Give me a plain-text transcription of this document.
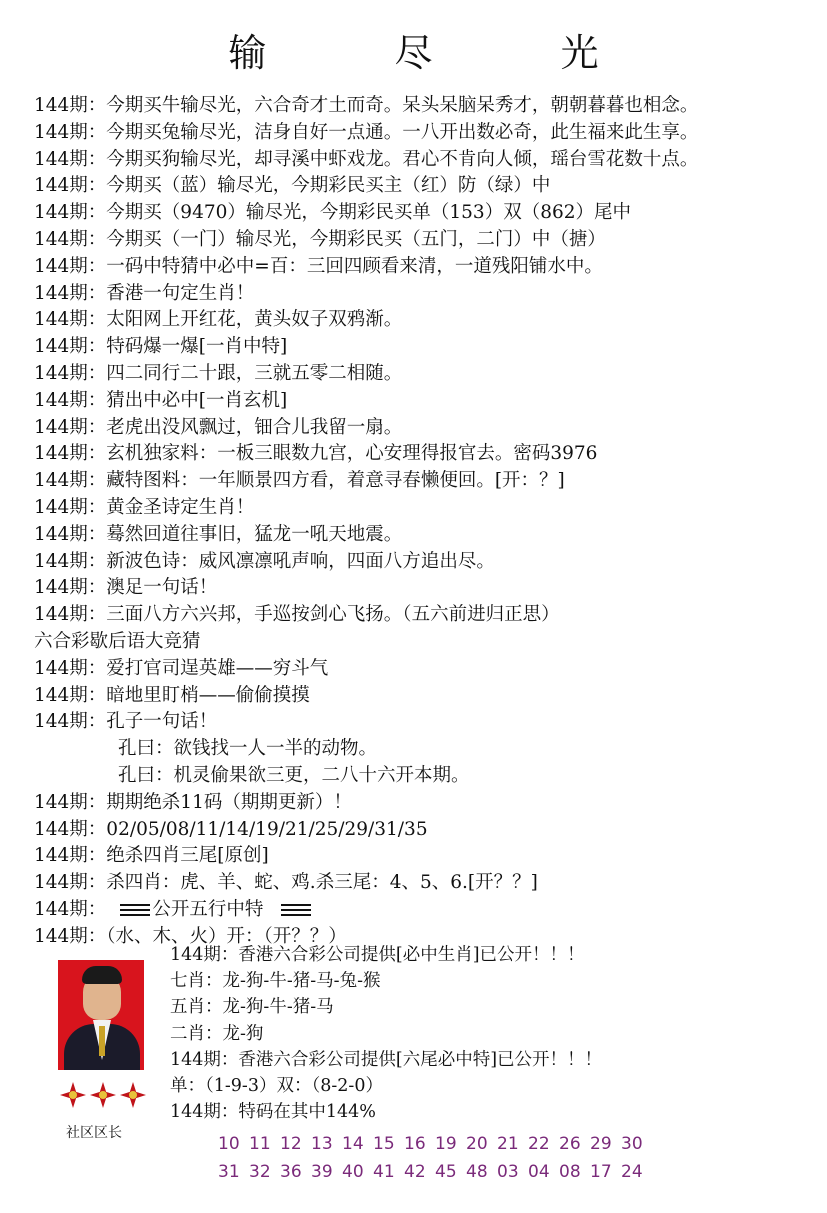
输 尽 光
144期：今期买牛输尽光，六合奇才土而奇。呆头呆脑呆秀才，朝朝暮暮也相念。
144期：今期买兔输尽光，洁身自好一点通。一八开出数必奇，此生福来此生享。
144期：今期买狗输尽光，却寻溪中虾戏龙。君心不肯向人倾，瑶台雪花数十点。
144期：今期买（蓝）输尽光，今期彩民买主（红）防（绿）中
144期：今期买（9470）输尽光，今期彩民买单（153）双（862）尾中
144期：今期买（一门）输尽光，今期彩民买（五门，二门）中（搪）
144期：一码中特猜中必中=百：三回四顾看来清，一道残阳铺水中。
144期：香港一句定生肖！
144期：太阳网上开红花，黄头奴子双鸦渐。
144期：特码爆一爆[一肖中特]
144期：四二同行二十跟，三就五零二相随。
144期：猜出中必中[一肖玄机]
144期：老虎出没风飘过，钿合儿我留一扇。
144期：玄机独家料：一板三眼数九宫，心安理得报官去。密码3976
144期：藏特图料：一年顺景四方看，着意寻春懒便回。[开：？]
144期：黄金圣诗定生肖！
144期：蓦然回道往事旧，猛龙一吼天地震。
144期：新波色诗：威风凛凛吼声响，四面八方追出尽。
144期：澳足一句话！
144期：三面八方六兴邦，手巡按剑心飞扬。（五六前进归正思）
六合彩歇后语大竞猜
144期：爱打官司逞英雄——穷斗气
144期：暗地里盯梢——偷偷摸摸
144期：孔子一句话！
孔曰：欲钱找一人一半的动物。
孔曰：机灵偷果欲三更，二八十六开本期。
144期：期期绝杀11码（期期更新）！
144期：02/05/08/11/14/19/21/25/29/31/35
144期：绝杀四肖三尾[原创]
144期：杀四肖：虎、羊、蛇、鸡.杀三尾：4、5、6.[开？？]
144期： 公开五行中特
144期：（水、木、火）开：（开？？）
社区区长
144期：香港六合彩公司提供[必中生肖]已公开！！！
七肖：龙-狗-牛-猪-马-兔-猴
五肖：龙-狗-牛-猪-马
二肖：龙-狗
144期：香港六合彩公司提供[六尾必中特]已公开！！！
单：（1-9-3）双：（8-2-0）
144期：特码在其中144%
10 11 12 13 14 15 16 19 20 21 22 26 29 30
31 32 36 39 40 41 42 45 48 03 04 08 17 24
